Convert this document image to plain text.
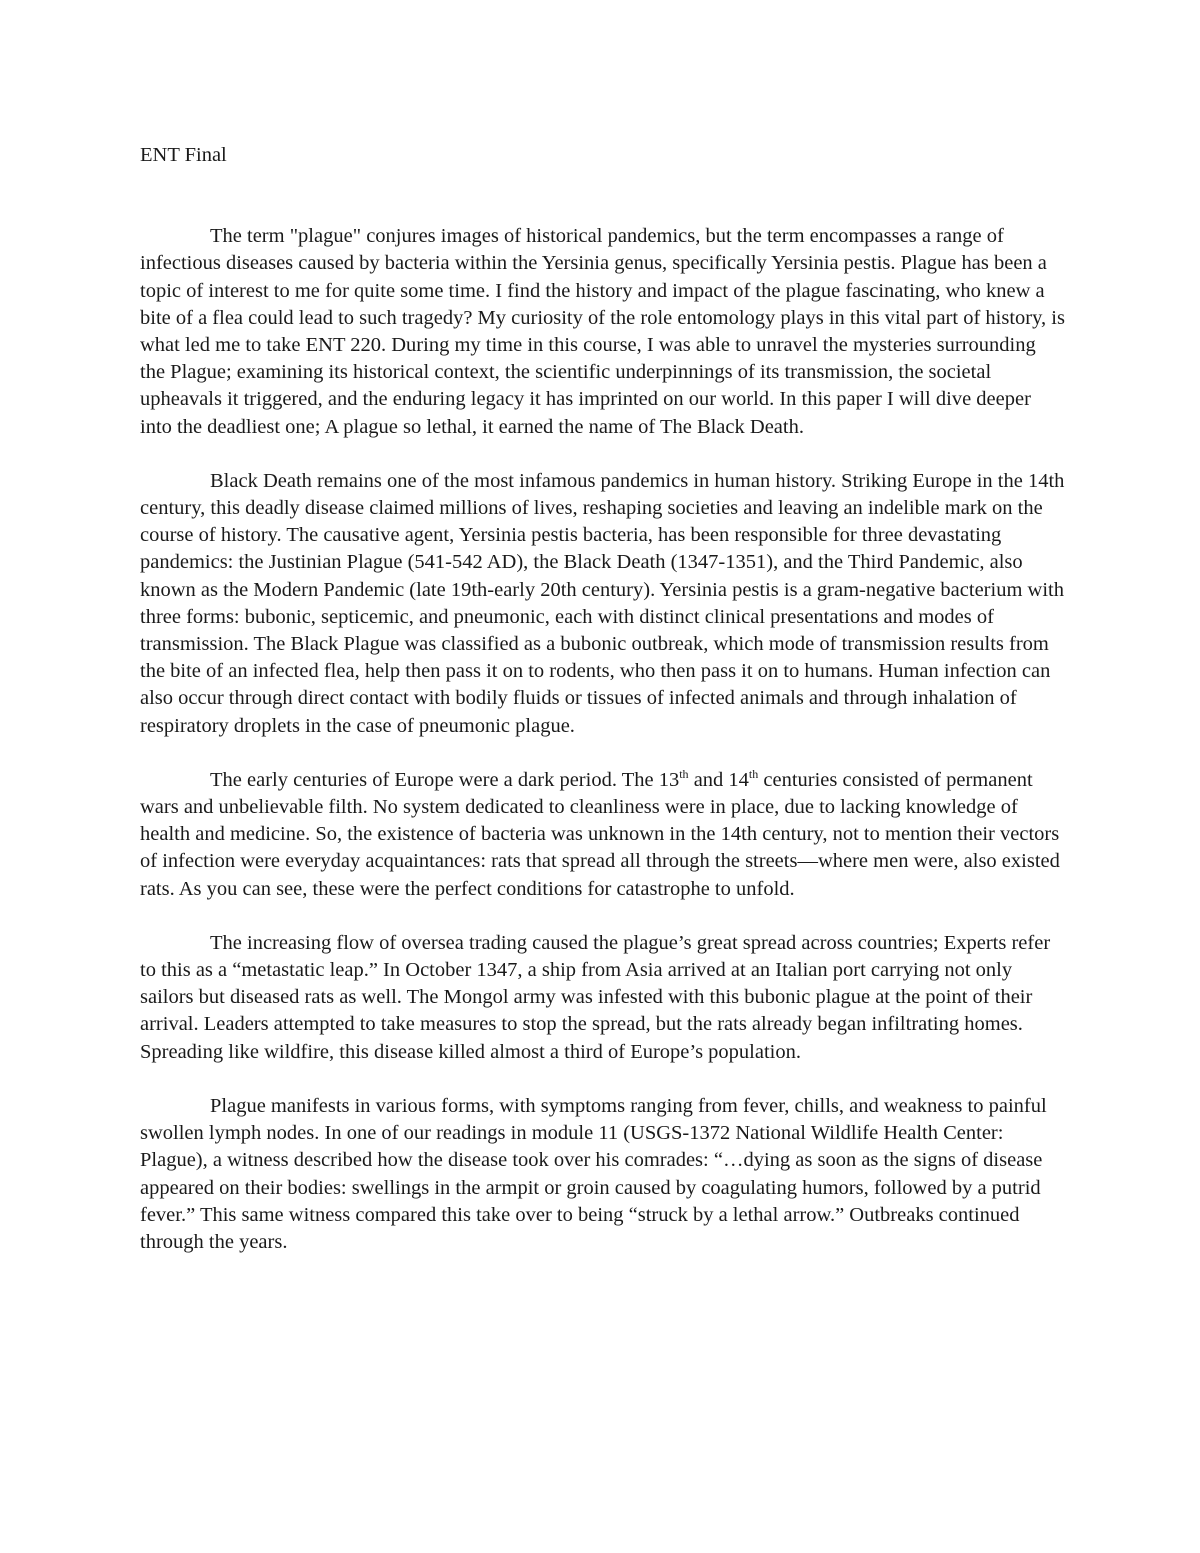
ENT Final

The term "plague" conjures images of historical pandemics, but the term encompasses a range of infectious diseases caused by bacteria within the Yersinia genus, specifically Yersinia pestis. Plague has been a topic of interest to me for quite some time. I find the history and impact of the plague fascinating, who knew a bite of a flea could lead to such tragedy? My curiosity of the role entomology plays in this vital part of history, is what led me to take ENT 220. During my time in this course, I was able to unravel the mysteries surrounding the Plague; examining its historical context, the scientific underpinnings of its transmission, the societal upheavals it triggered, and the enduring legacy it has imprinted on our world. In this paper I will dive deeper into the deadliest one; A plague so lethal, it earned the name of The Black Death.

Black Death remains one of the most infamous pandemics in human history. Striking Europe in the 14th century, this deadly disease claimed millions of lives, reshaping societies and leaving an indelible mark on the course of history. The causative agent, Yersinia pestis bacteria, has been responsible for three devastating pandemics: the Justinian Plague (541-542 AD), the Black Death (1347-1351), and the Third Pandemic, also known as the Modern Pandemic (late 19th-early 20th century). Yersinia pestis is a gram-negative bacterium with three forms: bubonic, septicemic, and pneumonic, each with distinct clinical presentations and modes of transmission. The Black Plague was classified as a bubonic outbreak, which mode of transmission results from the bite of an infected flea, help then pass it on to rodents, who then pass it on to humans. Human infection can also occur through direct contact with bodily fluids or tissues of infected animals and through inhalation of respiratory droplets in the case of pneumonic plague.

The early centuries of Europe were a dark period. The 13th and 14th centuries consisted of permanent wars and unbelievable filth. No system dedicated to cleanliness were in place, due to lacking knowledge of health and medicine. So, the existence of bacteria was unknown in the 14th century, not to mention their vectors of infection were everyday acquaintances: rats that spread all through the streets—where men were, also existed rats. As you can see, these were the perfect conditions for catastrophe to unfold.

The increasing flow of oversea trading caused the plague’s great spread across countries; Experts refer to this as a “metastatic leap.” In October 1347, a ship from Asia arrived at an Italian port carrying not only sailors but diseased rats as well. The Mongol army was infested with this bubonic plague at the point of their arrival. Leaders attempted to take measures to stop the spread, but the rats already began infiltrating homes. Spreading like wildfire, this disease killed almost a third of Europe’s population.

Plague manifests in various forms, with symptoms ranging from fever, chills, and weakness to painful swollen lymph nodes. In one of our readings in module 11 (USGS-1372 National Wildlife Health Center: Plague), a witness described how the disease took over his comrades: “…dying as soon as the signs of disease appeared on their bodies: swellings in the armpit or groin caused by coagulating humors, followed by a putrid fever.” This same witness compared this take over to being “struck by a lethal arrow.” Outbreaks continued through the years.
